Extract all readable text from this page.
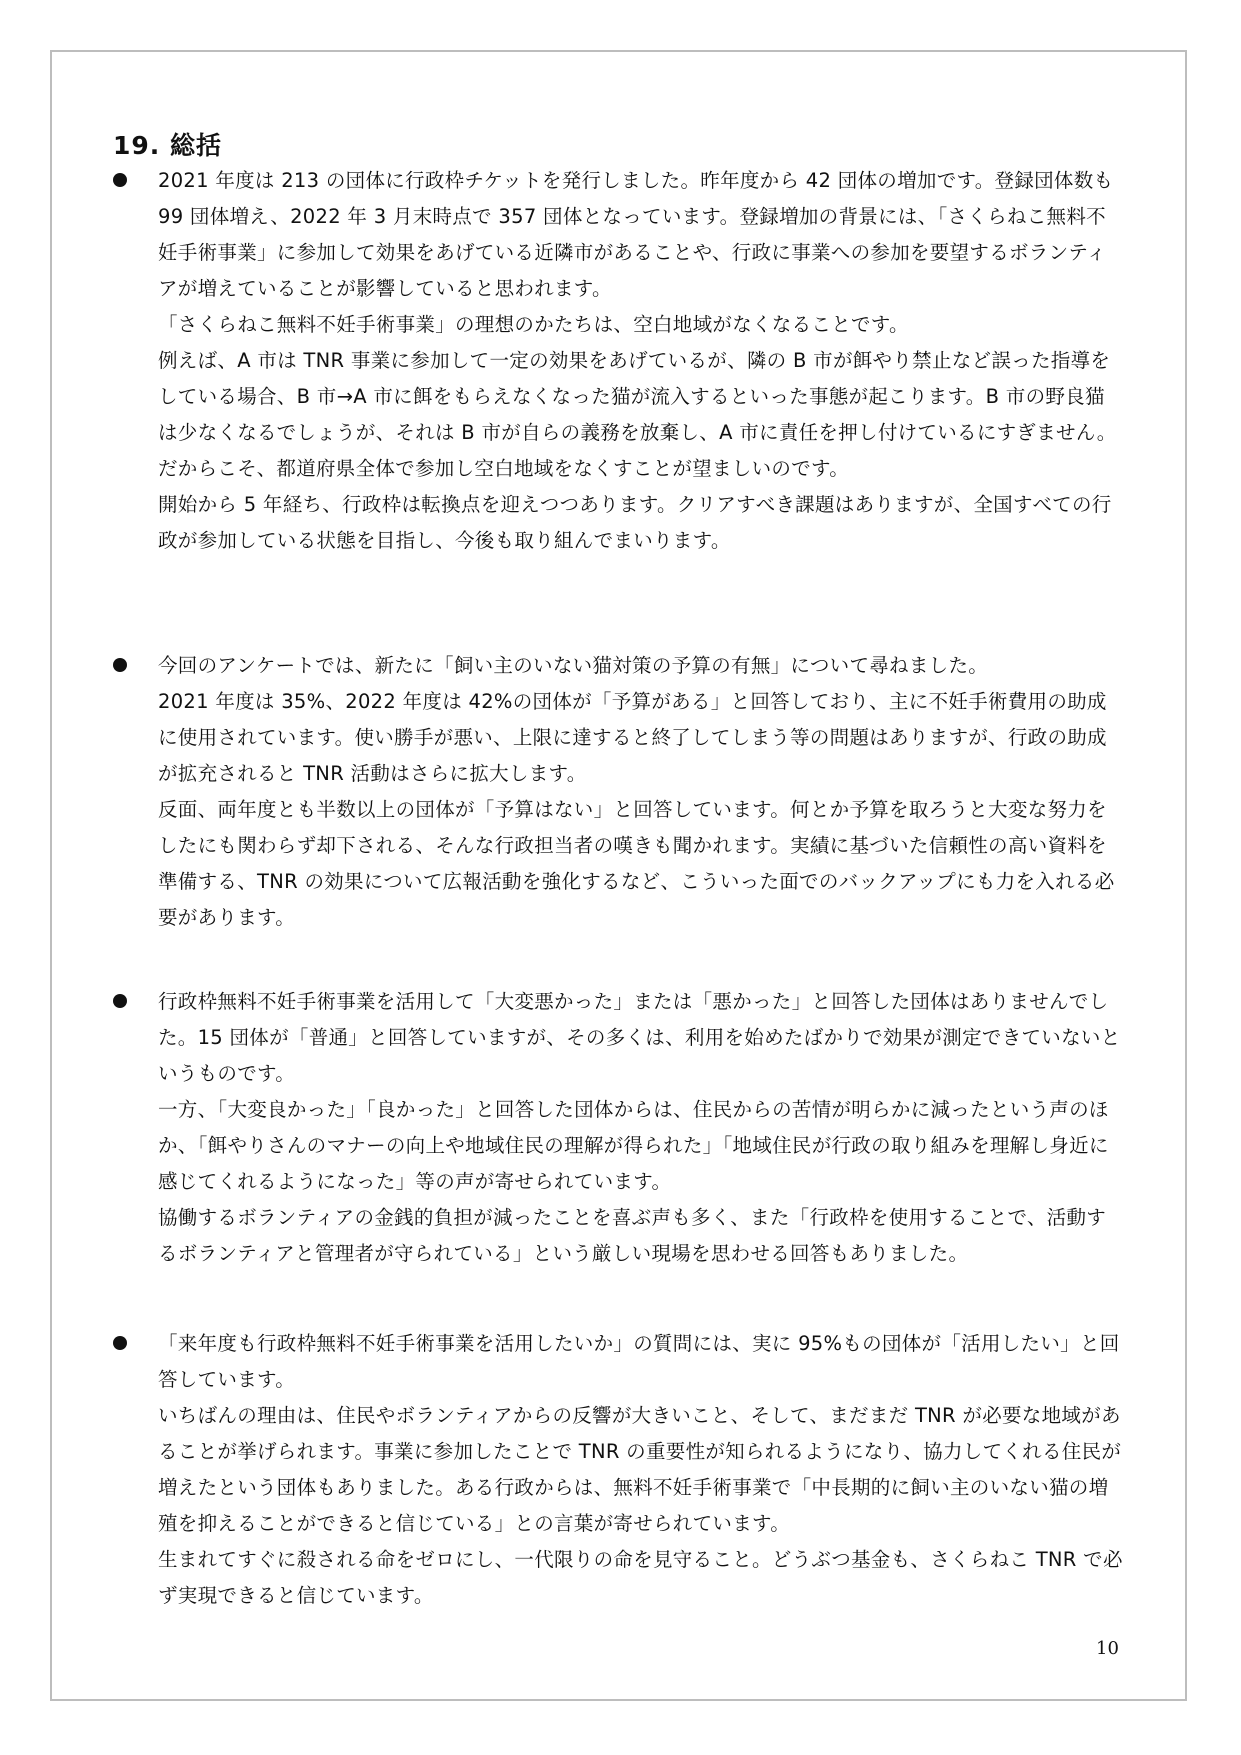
19. 総括

2021 年度は 213 の団体に行政枠チケットを発行しました。昨年度から 42 団体の増加です。登録団体数も 99 団体増え、2022 年 3 月末時点で 357 団体となっています。登録増加の背景には、「さくらねこ無料不妊手術事業」に参加して効果をあげている近隣市があることや、行政に事業への参加を要望するボランティアが増えていることが影響していると思われます。

「さくらねこ無料不妊手術事業」の理想のかたちは、空白地域がなくなることです。

例えば、A 市は TNR 事業に参加して一定の効果をあげているが、隣の B 市が餌やり禁止など誤った指導をしている場合、B 市→A 市に餌をもらえなくなった猫が流入するといった事態が起こります。B 市の野良猫は少なくなるでしょうが、それは B 市が自らの義務を放棄し、A 市に責任を押し付けているにすぎません。だからこそ、都道府県全体で参加し空白地域をなくすことが望ましいのです。

開始から 5 年経ち、行政枠は転換点を迎えつつあります。クリアすべき課題はありますが、全国すべての行政が参加している状態を目指し、今後も取り組んでまいります。

今回のアンケートでは、新たに「飼い主のいない猫対策の予算の有無」について尋ねました。

2021 年度は 35%、2022 年度は 42%の団体が「予算がある」と回答しており、主に不妊手術費用の助成に使用されています。使い勝手が悪い、上限に達すると終了してしまう等の問題はありますが、行政の助成が拡充されると TNR 活動はさらに拡大します。

反面、両年度とも半数以上の団体が「予算はない」と回答しています。何とか予算を取ろうと大変な努力をしたにも関わらず却下される、そんな行政担当者の嘆きも聞かれます。実績に基づいた信頼性の高い資料を準備する、TNR の効果について広報活動を強化するなど、こういった面でのバックアップにも力を入れる必要があります。

行政枠無料不妊手術事業を活用して「大変悪かった」または「悪かった」と回答した団体はありませんでした。15 団体が「普通」と回答していますが、その多くは、利用を始めたばかりで効果が測定できていないというものです。

一方、「大変良かった」「良かった」と回答した団体からは、住民からの苦情が明らかに減ったという声のほか、「餌やりさんのマナーの向上や地域住民の理解が得られた」「地域住民が行政の取り組みを理解し身近に感じてくれるようになった」等の声が寄せられています。

協働するボランティアの金銭的負担が減ったことを喜ぶ声も多く、また「行政枠を使用することで、活動するボランティアと管理者が守られている」という厳しい現場を思わせる回答もありました。

「来年度も行政枠無料不妊手術事業を活用したいか」の質問には、実に 95%もの団体が「活用したい」と回答しています。

いちばんの理由は、住民やボランティアからの反響が大きいこと、そして、まだまだ TNR が必要な地域があることが挙げられます。事業に参加したことで TNR の重要性が知られるようになり、協力してくれる住民が増えたという団体もありました。ある行政からは、無料不妊手術事業で「中長期的に飼い主のいない猫の増殖を抑えることができると信じている」との言葉が寄せられています。

生まれてすぐに殺される命をゼロにし、一代限りの命を見守ること。どうぶつ基金も、さくらねこ TNR で必ず実現できると信じています。

10
